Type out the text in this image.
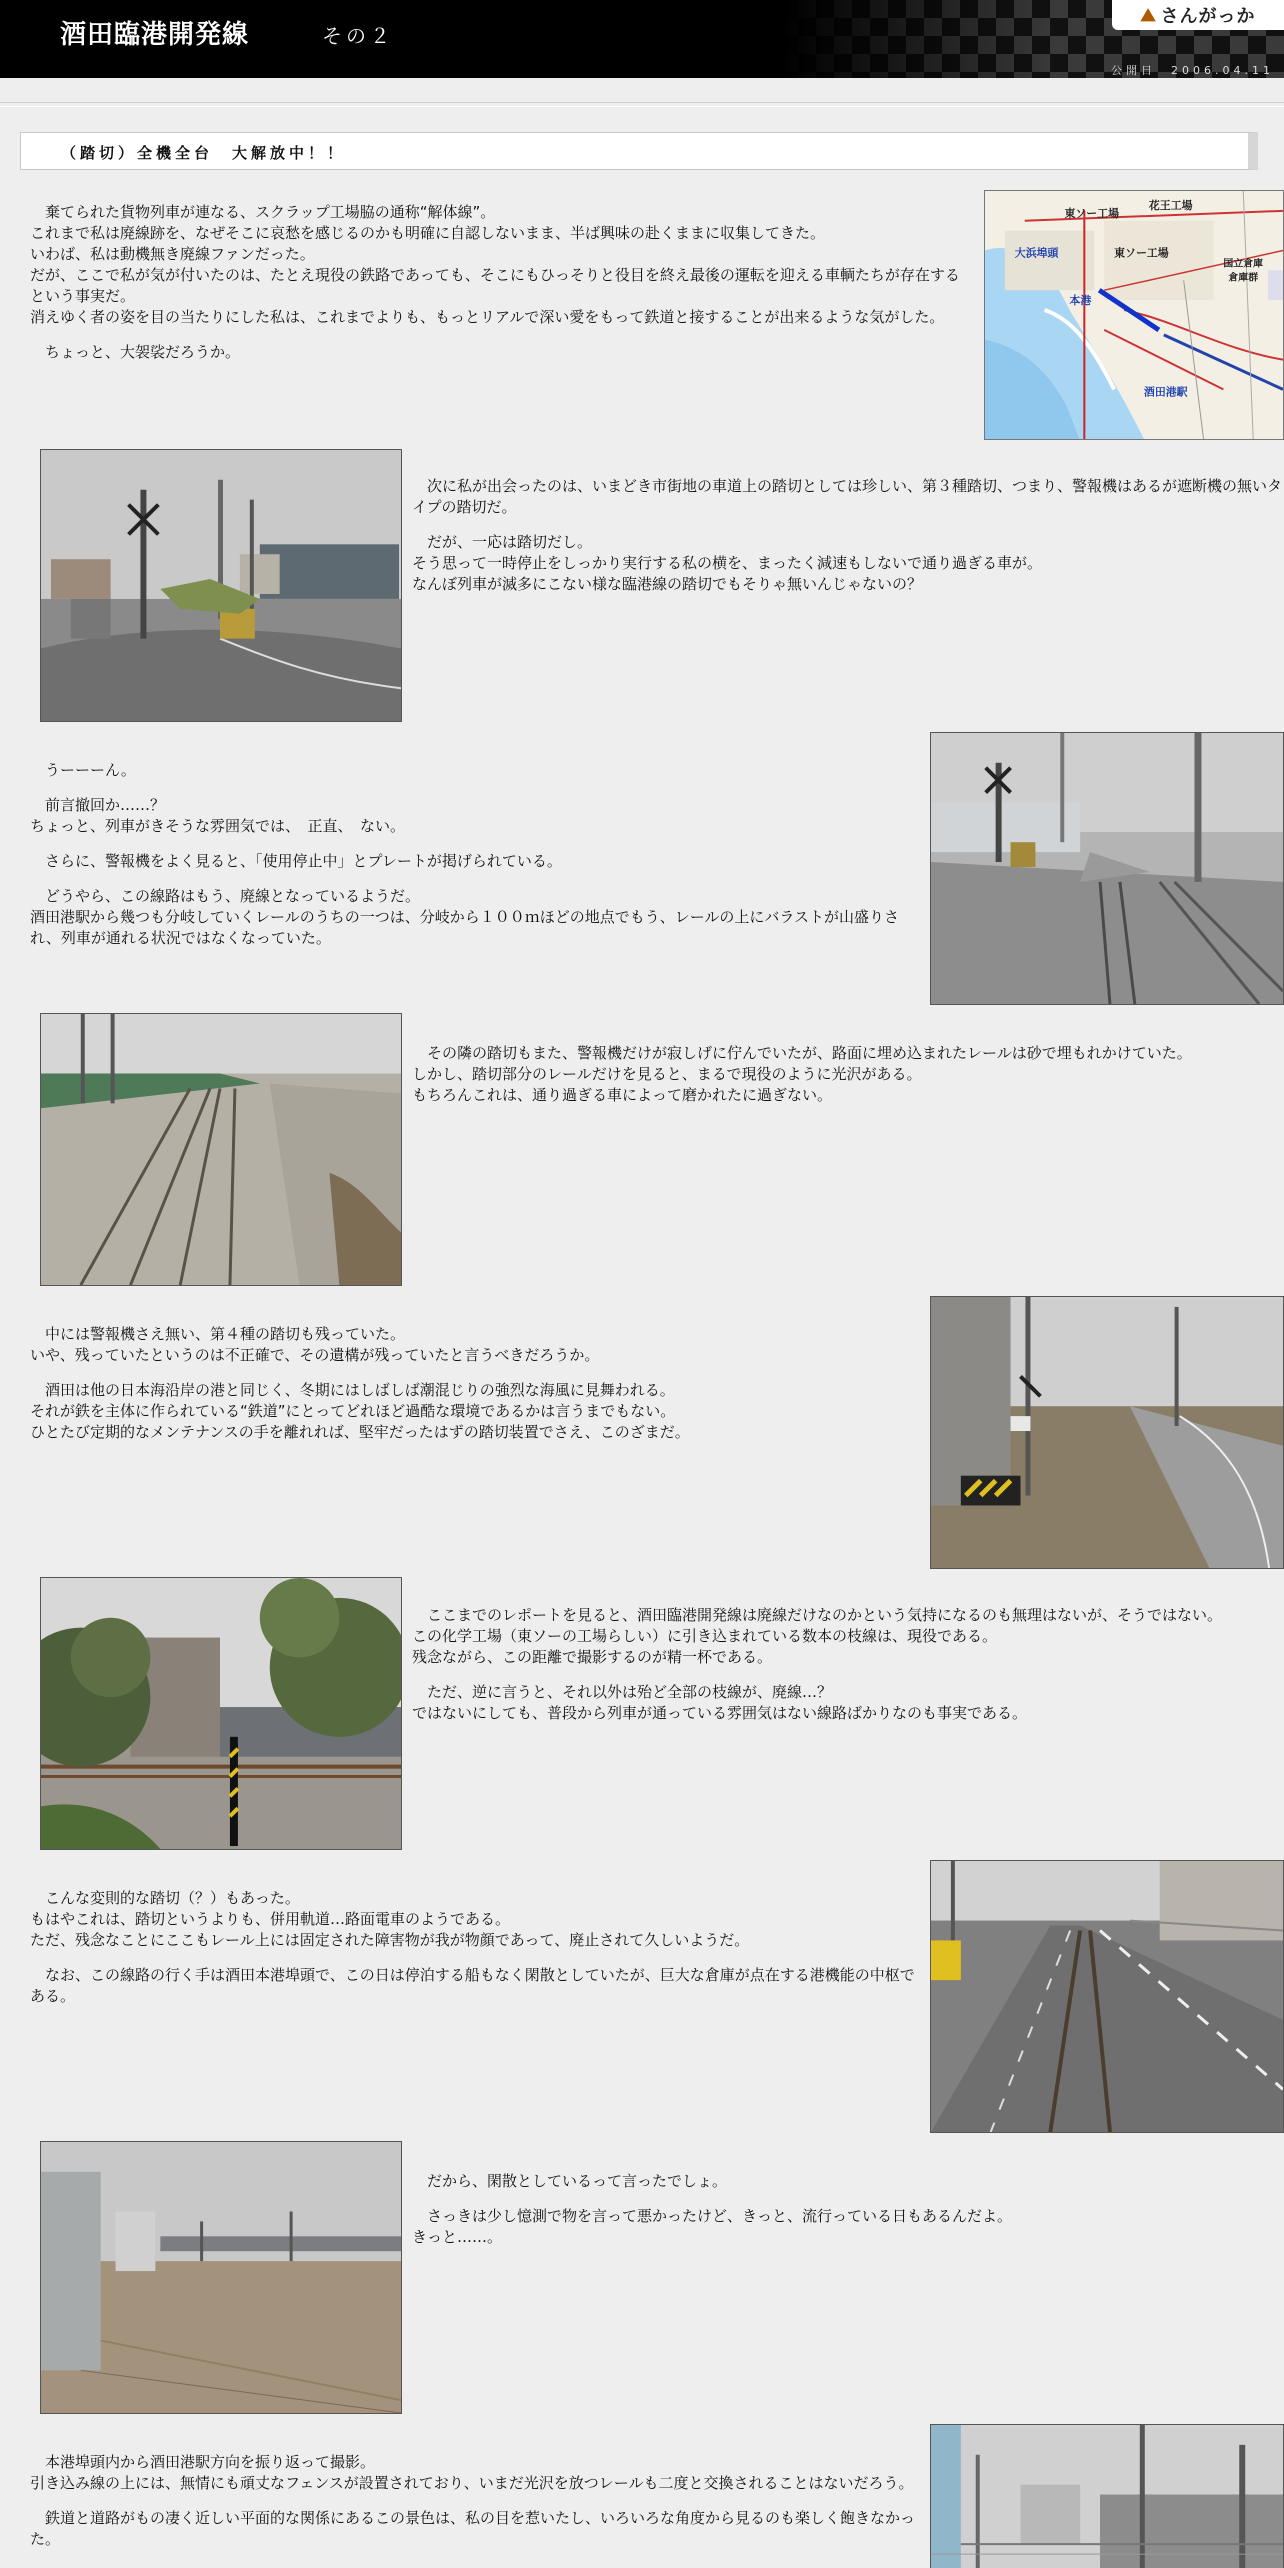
酒田臨港開発線	その２
⛰ さんがっか
公開日　2006.04.11
（踏切）全機全台　大解放中！！

　棄てられた貨物列車が連なる、スクラップ工場脇の通称“解体線”。
これまで私は廃線跡を、なぜそこに哀愁を感じるのかも明確に自認しないまま、半ば興味の赴くままに収集してきた。
いわば、私は動機無き廃線ファンだった。
だが、ここで私が気が付いたのは、たとえ現役の鉄路であっても、そこにもひっそりと役目を終え最後の運転を迎える車輌たちが存在するという事実だ。
消えゆく者の姿を目の当たりにした私は、これまでよりも、もっとリアルで深い愛をもって鉄道と接することが出来るような気がした。

　ちょっと、大袈裟だろうか。

花王工場
東ソー工場
大浜埠頭	東ソー工場
国立倉庫
倉庫群
本港
酒田港駅

　次に私が出会ったのは、いまどき市街地の車道上の踏切としては珍しい、第３種踏切、つまり、警報機はあるが遮断機の無いタイプの踏切だ。

　だが、一応は踏切だし。
そう思って一時停止をしっかり実行する私の横を、まったく減速もしないで通り過ぎる車が。
なんぼ列車が滅多にこない様な臨港線の踏切でもそりゃ無いんじゃないの？

　うーーーん。

　前言撤回か……？
ちょっと、列車がきそうな雰囲気では、　正直、　ない。

　さらに、警報機をよく見ると、「使用停止中」とプレートが掲げられている。

　どうやら、この線路はもう、廃線となっているようだ。
酒田港駅から幾つも分岐していくレールのうちの一つは、分岐から１００ｍほどの地点でもう、レールの上にバラストが山盛りされ、列車が通れる状況ではなくなっていた。

　その隣の踏切もまた、警報機だけが寂しげに佇んでいたが、路面に埋め込まれたレールは砂で埋もれかけていた。
しかし、踏切部分のレールだけを見ると、まるで現役のように光沢がある。
もちろんこれは、通り過ぎる車によって磨かれたに過ぎない。

　中には警報機さえ無い、第４種の踏切も残っていた。
いや、残っていたというのは不正確で、その遺構が残っていたと言うべきだろうか。

　酒田は他の日本海沿岸の港と同じく、冬期にはしばしば潮混じりの強烈な海風に見舞われる。
それが鉄を主体に作られている“鉄道”にとってどれほど過酷な環境であるかは言うまでもない。
ひとたび定期的なメンテナンスの手を離れれば、堅牢だったはずの踏切装置でさえ、このざまだ。

　ここまでのレポートを見ると、酒田臨港開発線は廃線だけなのかという気持になるのも無理はないが、そうではない。
この化学工場（東ソーの工場らしい）に引き込まれている数本の枝線は、現役である。
残念ながら、この距離で撮影するのが精一杯である。

　ただ、逆に言うと、それ以外は殆ど全部の枝線が、廃線…？
ではないにしても、普段から列車が通っている雰囲気はない線路ばかりなのも事実である。

　こんな変則的な踏切（？）もあった。
もはやこれは、踏切というよりも、併用軌道…路面電車のようである。
ただ、残念なことにここもレール上には固定された障害物が我が物顔であって、廃止されて久しいようだ。

　なお、この線路の行く手は酒田本港埠頭で、この日は停泊する船もなく閑散としていたが、巨大な倉庫が点在する港機能の中枢である。

　だから、閑散としているって言ったでしょ。

　さっきは少し憶測で物を言って悪かったけど、きっと、流行っている日もあるんだよ。
きっと……。

　本港埠頭内から酒田港駅方向を振り返って撮影。
引き込み線の上には、無情にも頑丈なフェンスが設置されており、いまだ光沢を放つレールも二度と交換されることはないだろう。

　鉄道と道路がもの凄く近しい平面的な関係にあるこの景色は、私の目を惹いたし、いろいろな角度から見るのも楽しく飽きなかった。
